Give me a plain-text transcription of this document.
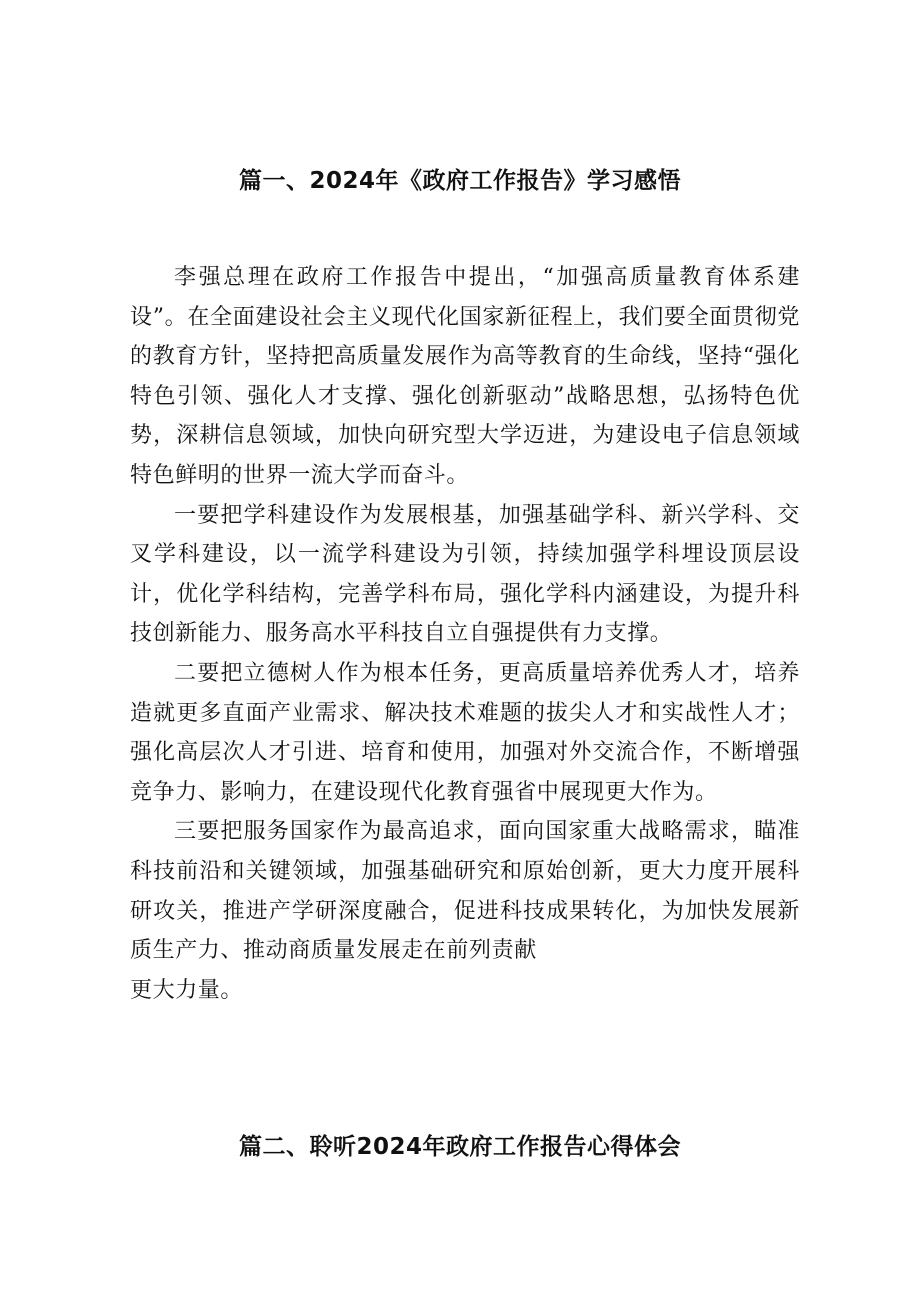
篇一、2024年《政府工作报告》学习感悟

李强总理在政府工作报告中提出，“加强高质量教育体系建设”。在全面建设社会主义现代化国家新征程上，我们要全面贯彻党的教育方针，坚持把高质量发展作为高等教育的生命线，坚持“强化特色引领、强化人才支撑、强化创新驱动”战略思想，弘扬特色优势，深耕信息领域，加快向研究型大学迈进，为建设电子信息领域特色鲜明的世界一流大学而奋斗。

一要把学科建设作为发展根基，加强基础学科、新兴学科、交叉学科建设，以一流学科建设为引领，持续加强学科埋设顶层设计，优化学科结构，完善学科布局，强化学科内涵建设，为提升科技创新能力、服务高水平科技自立自强提供有力支撑。

二要把立德树人作为根本任务，更高质量培养优秀人才，培养造就更多直面产业需求、解决技术难题的拔尖人才和实战性人才；强化高层次人才引进、培育和使用，加强对外交流合作，不断增强竞争力、影响力，在建设现代化教育强省中展现更大作为。

三要把服务国家作为最高追求，面向国家重大战略需求，瞄准科技前沿和关键领域，加强基础研究和原始创新，更大力度开展科研攻关，推进产学研深度融合，促进科技成果转化，为加快发展新质生产力、推动商质量发展走在前列责献

更大力量。

篇二、聆听2024年政府工作报告心得体会
